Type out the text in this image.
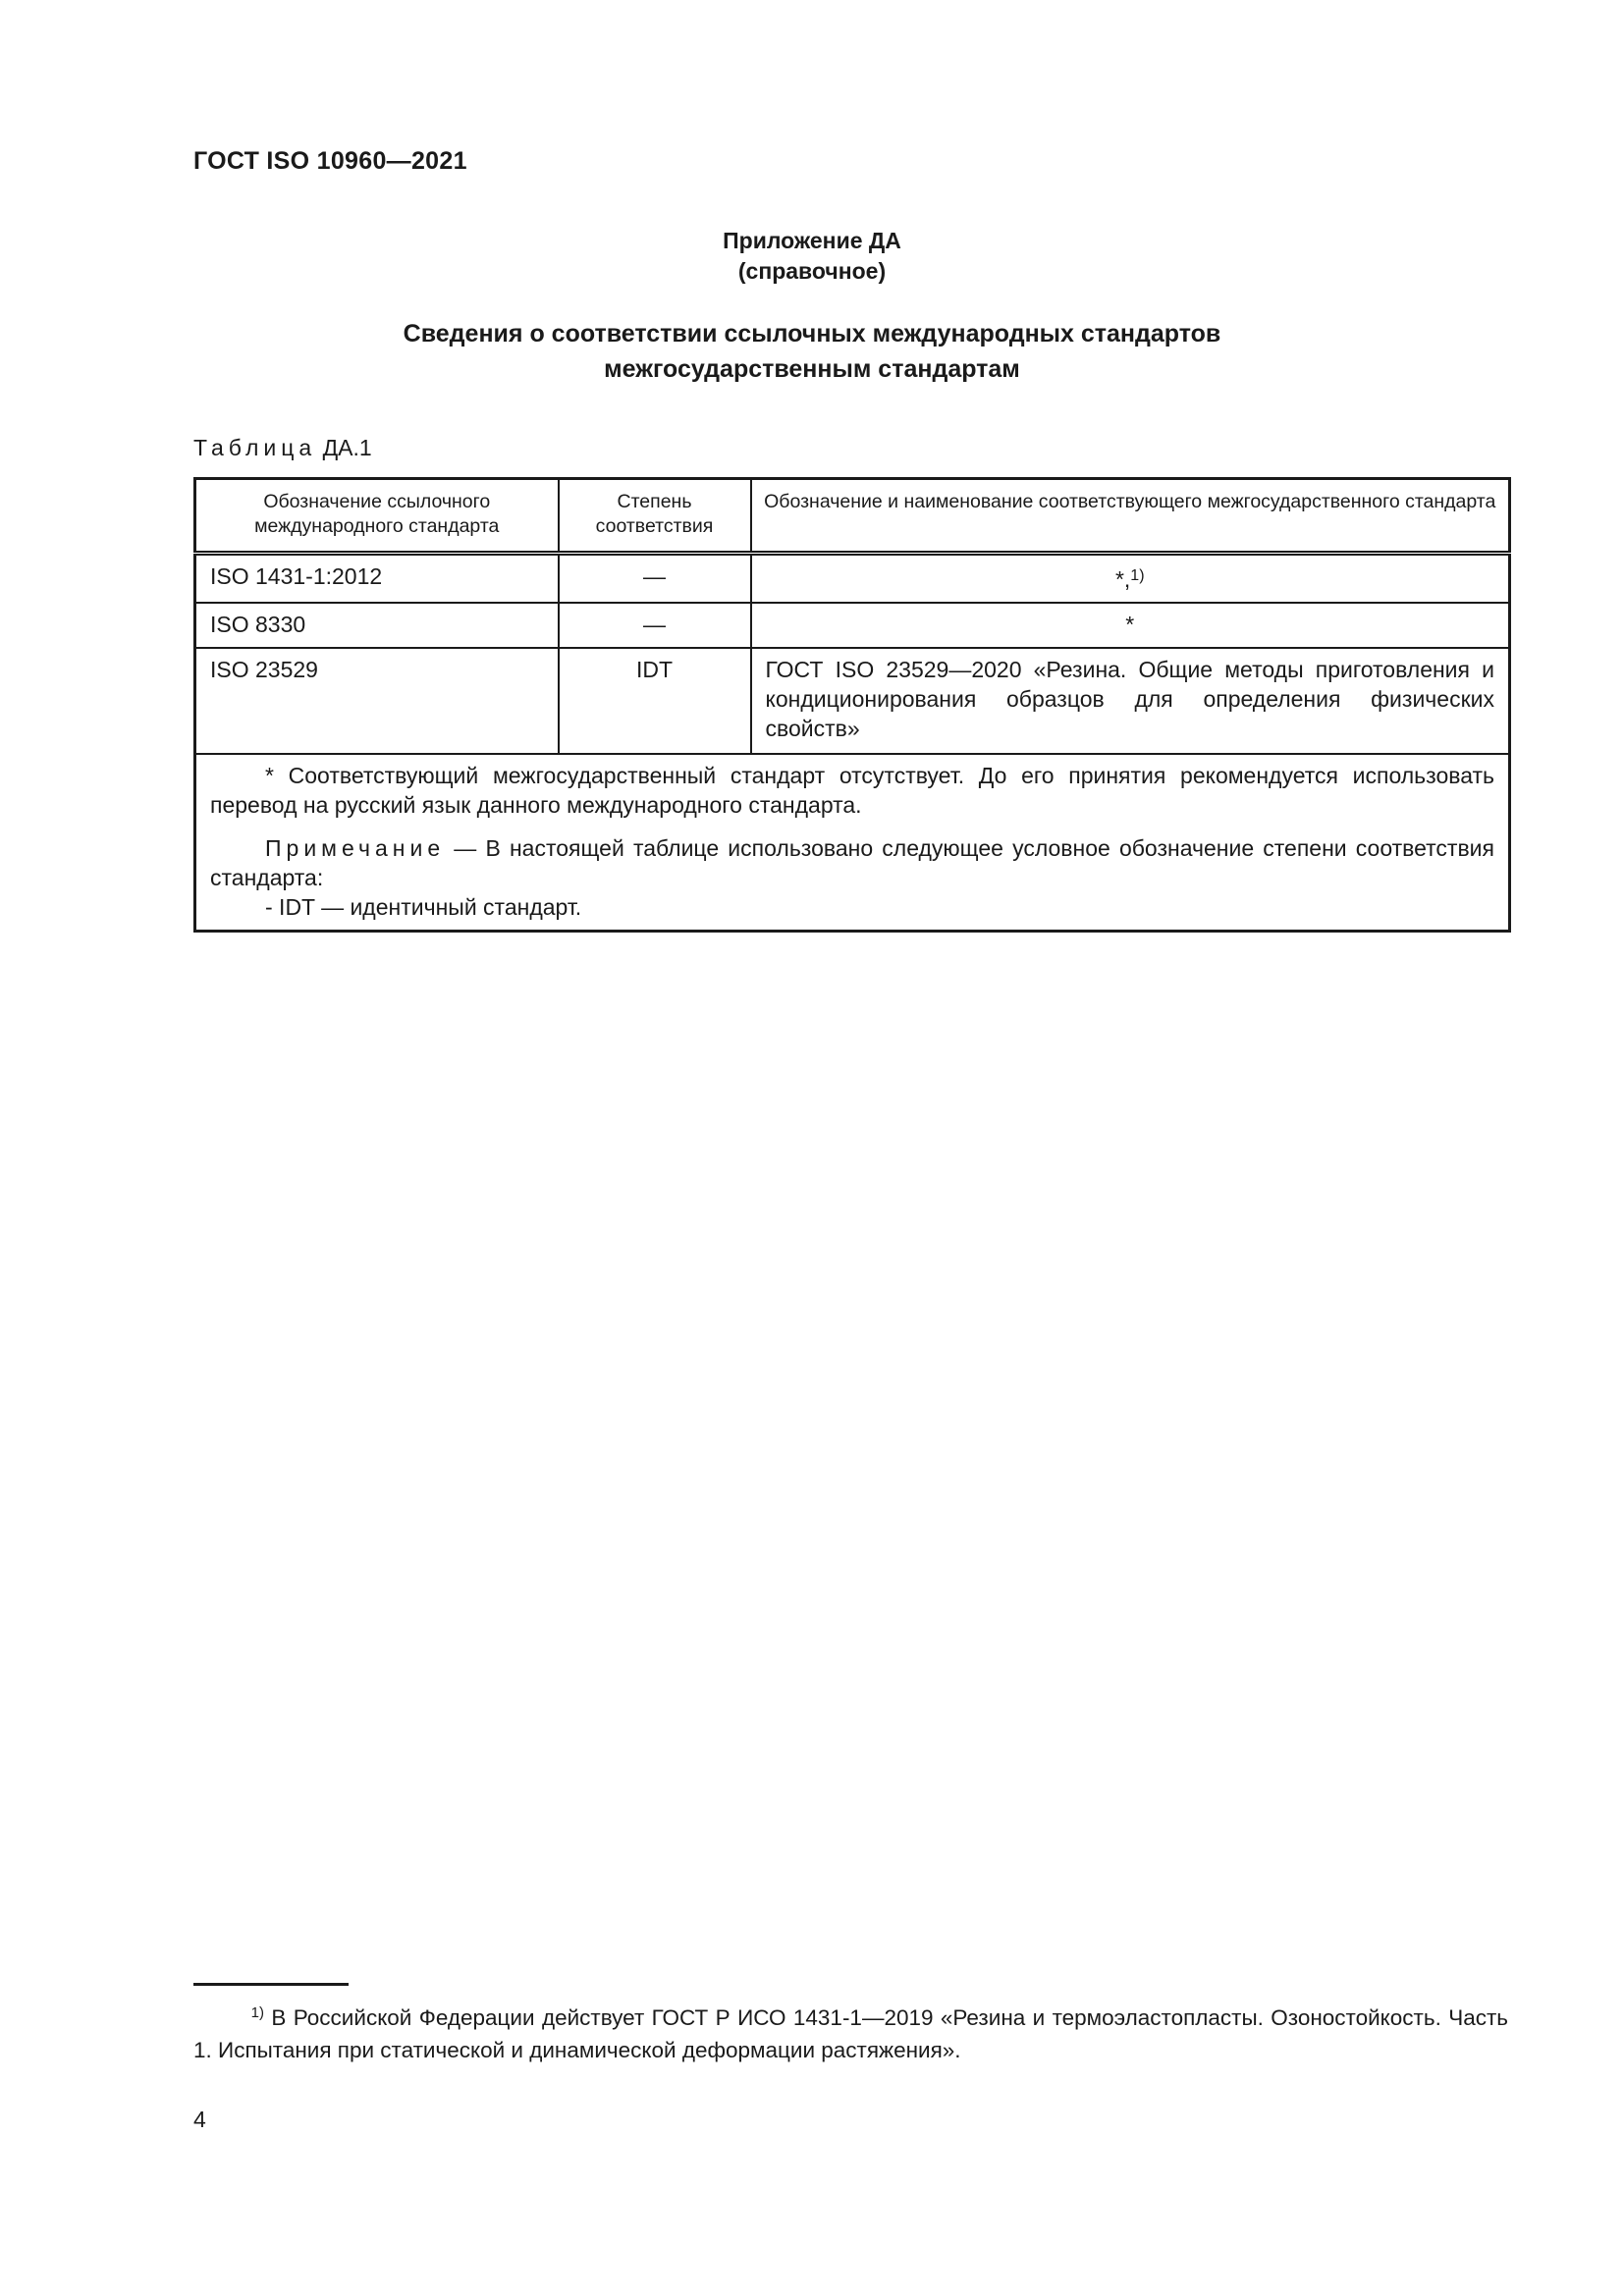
ГОСТ ISO 10960—2021
Приложение ДА
(справочное)
Сведения о соответствии ссылочных международных стандартов
межгосударственным стандартам
Таблица ДА.1
Обозначение ссылочного международного стандарта	Степень соответствия	Обозначение и наименование соответствующего межгосударственного стандарта
ISO 1431-1:2012	—	*,$^{1)}$
ISO 8330	—	*
ISO 23529	IDT	ГОСТ ISO 23529—2020 «Резина. Общие методы приготовления и кондиционирования образцов для определения физических свойств»

* Соответствующий межгосударственный стандарт отсутствует. До его принятия рекомендуется использовать перевод на русский язык данного международного стандарта.

Примечание — В настоящей таблице использовано следующее условное обозначение степени соответствия стандарта:

- IDT — идентичный стандарт.		

$^{1)}$ В Российской Федерации действует ГОСТ Р ИСО 1431-1—2019 «Резина и термоэластопласты. Озоностойкость. Часть 1. Испытания при статической и динамической деформации растяжения».
4
